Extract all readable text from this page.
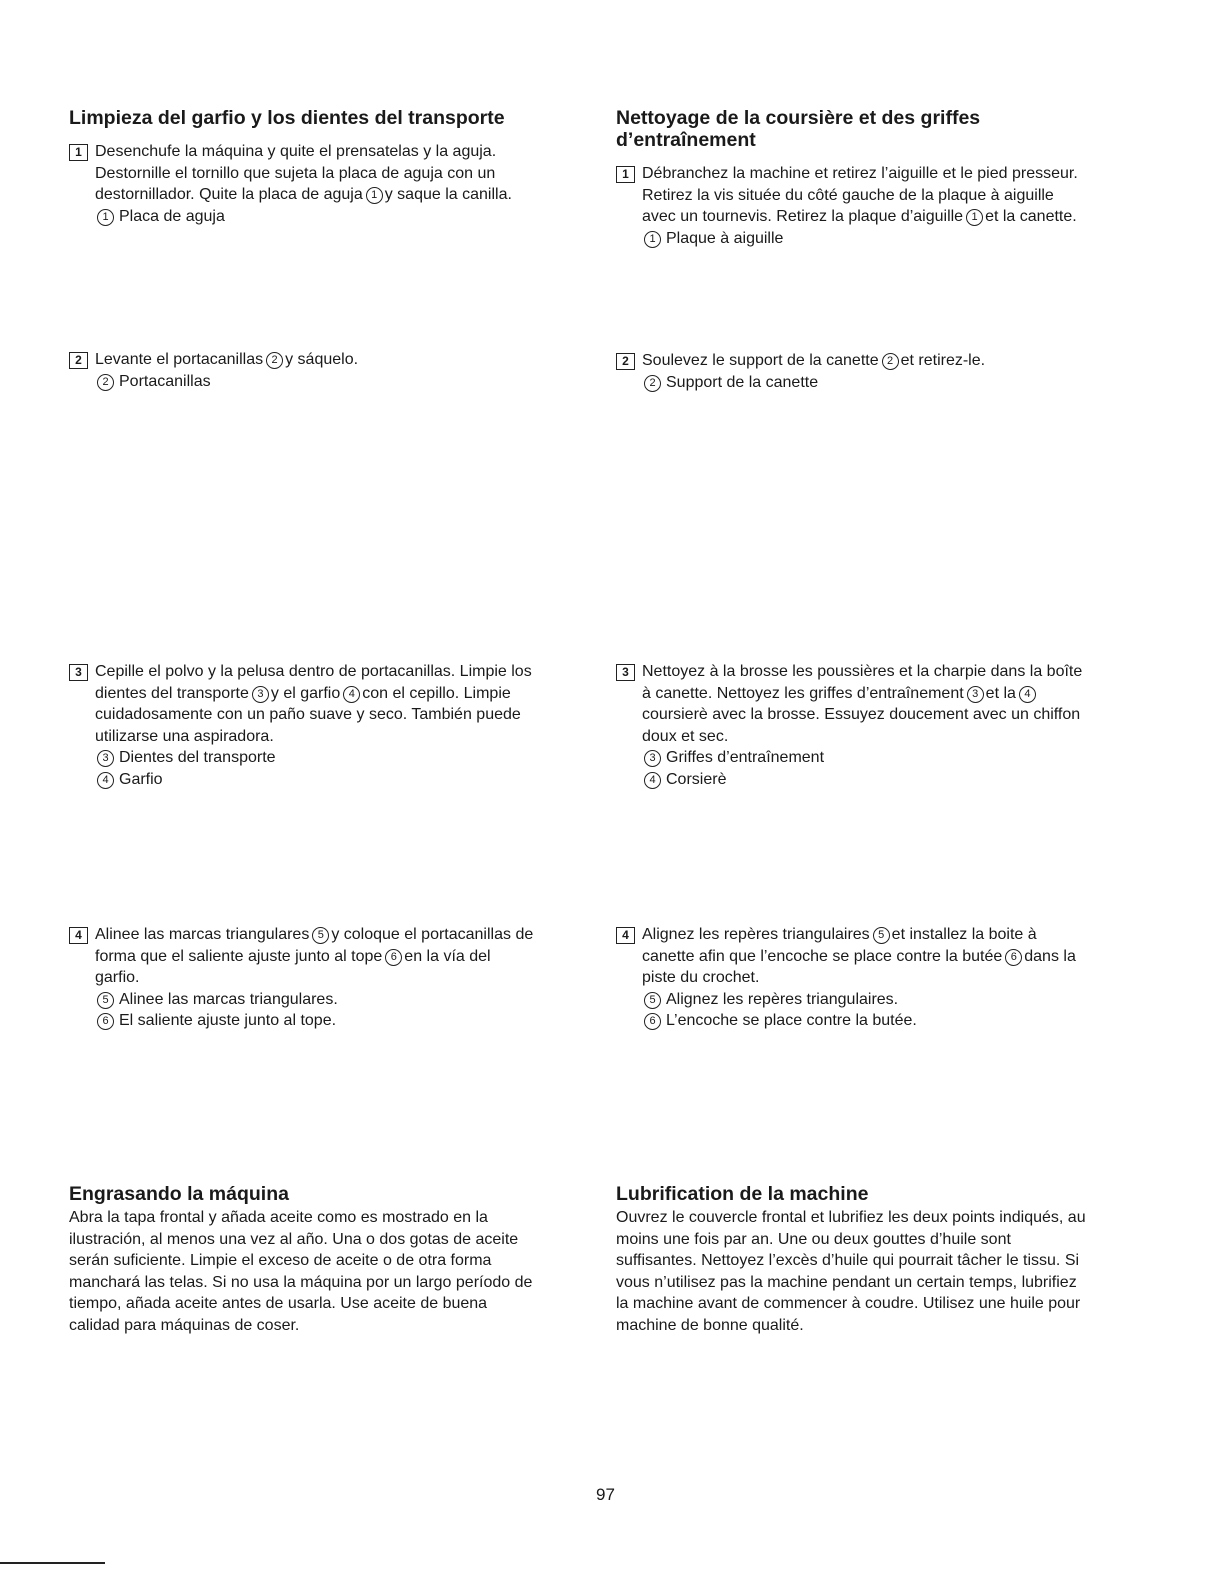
Limpieza del garfio y los dientes del transporte
1 Desenchufe la máquina y quite el prensatelas y la aguja.
Destornille el tornillo que sujeta la placa de aguja con un
destornillador. Quite la placa de aguja 1 y saque la canilla.
1 Placa de aguja
2 Levante el portacanillas 2 y sáquelo.
2 Portacanillas
3 Cepille el polvo y la pelusa dentro de portacanillas. Limpie los
dientes del transporte 3 y el garfio 4 con el cepillo. Limpie
cuidadosamente con un paño suave y seco. También puede
utilizarse una aspiradora.
3 Dientes del transporte
4 Garfio
4 Alinee las marcas triangulares 5 y coloque el portacanillas de
forma que el saliente ajuste junto al tope 6 en la vía del
garfio.
5 Alinee las marcas triangulares.
6 El saliente ajuste junto al tope.
Engrasando la máquina
Abra la tapa frontal y añada aceite como es mostrado en la
ilustración, al menos una vez al año. Una o dos gotas de aceite
serán suficiente. Limpie el exceso de aceite o de otra forma
manchará las telas. Si no usa la máquina por un largo período de
tiempo, añada aceite antes de usarla. Use aceite de buena
calidad para máquinas de coser.
Nettoyage de la coursière et des griffes
d’entraînement
1 Débranchez la machine et retirez l’aiguille et le pied presseur.
Retirez la vis située du côté gauche de la plaque à aiguille
avec un tournevis. Retirez la plaque d’aiguille 1 et la canette.
1 Plaque à aiguille
2 Soulevez le support de la canette 2 et retirez-le.
2 Support de la canette
3 Nettoyez à la brosse les poussières et la charpie dans la boîte
à canette. Nettoyez les griffes d’entraînement 3 et la 4
coursierè avec la brosse. Essuyez doucement avec un chiffon
doux et sec.
3 Griffes d’entraînement
4 Corsierè
4 Alignez les repères triangulaires 5 et installez la boite à
canette afin que l’encoche se place contre la butée 6 dans la
piste du crochet.
5 Alignez les repères triangulaires.
6 L’encoche se place contre la butée.
Lubrification de la machine
Ouvrez le couvercle frontal et lubrifiez les deux points indiqués, au
moins une fois par an. Une ou deux gouttes d’huile sont
suffisantes. Nettoyez l’excès d’huile qui pourrait tâcher le tissu. Si
vous n’utilisez pas la machine pendant un certain temps, lubrifiez
la machine avant de commencer à coudre. Utilisez une huile pour
machine de bonne qualité.
97
